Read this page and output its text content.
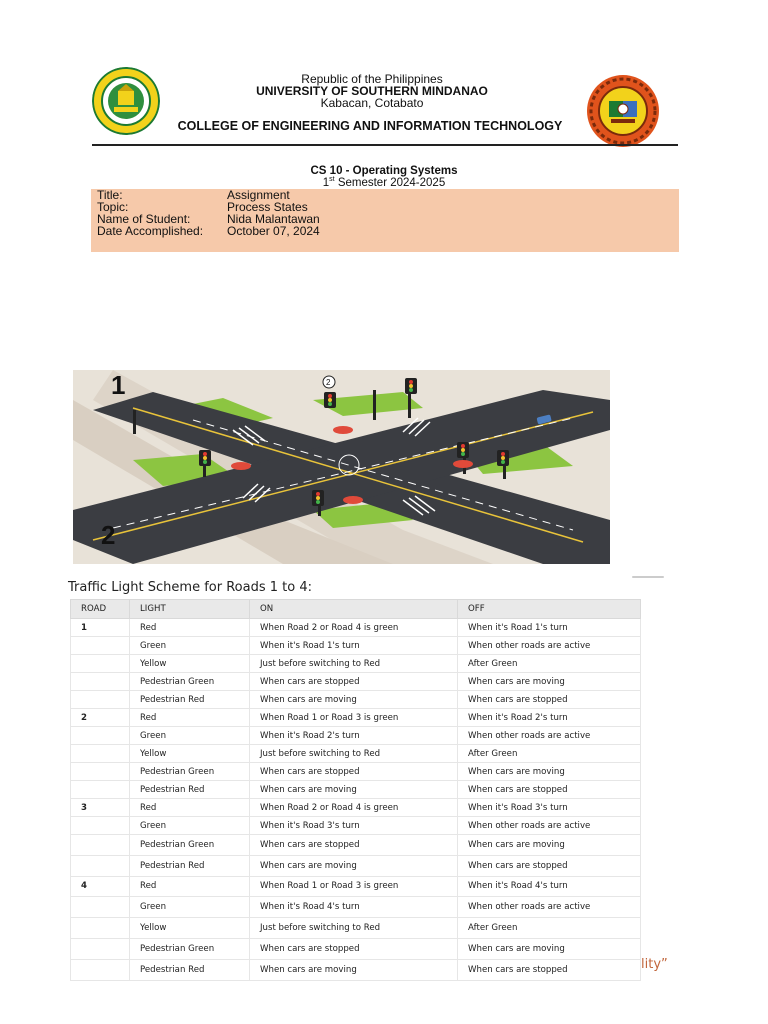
Republic of the Philippines
UNIVERSITY OF SOUTHERN MINDANAO
Kabacan, Cotabato
COLLEGE OF ENGINEERING AND INFORMATION TECHNOLOGY
CS 10 - Operating Systems
1st Semester 2024-2025
Title:	Assignment
Topic:	Process States
Name of Student:	Nida Malantawan
Date Accomplished: October 07, 2024
1
2
2
Traffic Light Scheme for Roads 1 to 4:
ROAD	LIGHT	ON	OFF
1	Red	When Road 2 or Road 4 is green	When it's Road 1's turn
	Green	When it's Road 1's turn	When other roads are active
	Yellow	Just before switching to Red	After Green
	Pedestrian Green	When cars are stopped	When cars are moving
	Pedestrian Red	When cars are moving	When cars are stopped
2	Red	When Road 1 or Road 3 is green	When it's Road 2's turn
	Green	When it's Road 2's turn	When other roads are active
	Yellow	Just before switching to Red	After Green
	Pedestrian Green	When cars are stopped	When cars are moving
	Pedestrian Red	When cars are moving	When cars are stopped
3	Red	When Road 2 or Road 4 is green	When it's Road 3's turn
	Green	When it's Road 3's turn	When other roads are active
	Pedestrian Green	When cars are stopped	When cars are moving
	Pedestrian Red	When cars are moving	When cars are stopped
4	Red	When Road 1 or Road 3 is green	When it's Road 4's turn
	Green	When it's Road 4's turn	When other roads are active
	Yellow	Just before switching to Red	After Green
	Pedestrian Green	When cars are stopped	When cars are moving
	Pedestrian Red	When cars are moving	When cars are stopped	lity”
